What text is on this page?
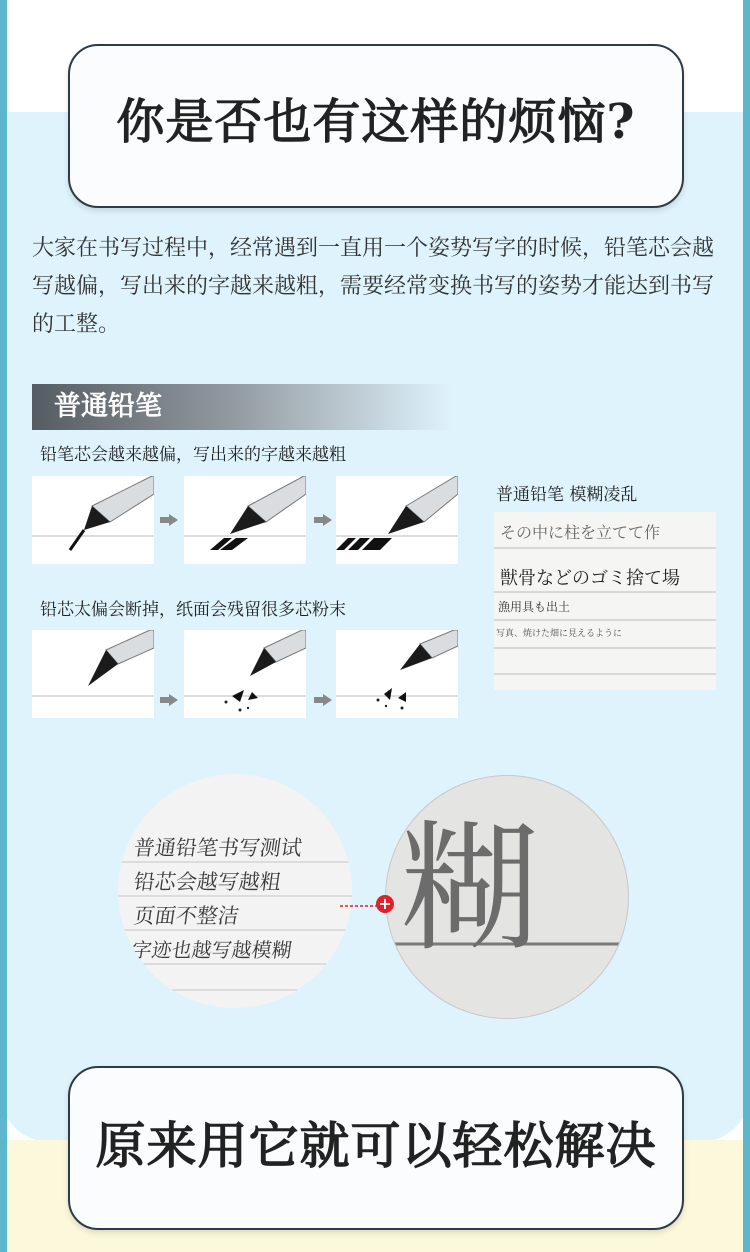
你是否也有这样的烦恼?

大家在书写过程中，经常遇到一直用一个姿势写字的时候，铅笔芯会越写越偏，写出来的字越来越粗，需要经常变换书写的姿势才能达到书写的工整。

普通铅笔
铅笔芯会越来越偏，写出来的字越来越粗
铅芯太偏会断掉，纸面会残留很多芯粉末
普通铅笔 模糊凌乱
その中に柱を立てて作
獣骨などのゴミ捨て場
漁用具も出土
写真、焼けた畑に見えるように
普通铅笔书写测试
铅芯会越写越粗
页面不整洁
字迹也越写越模糊 糊
+
原来用它就可以轻松解决
